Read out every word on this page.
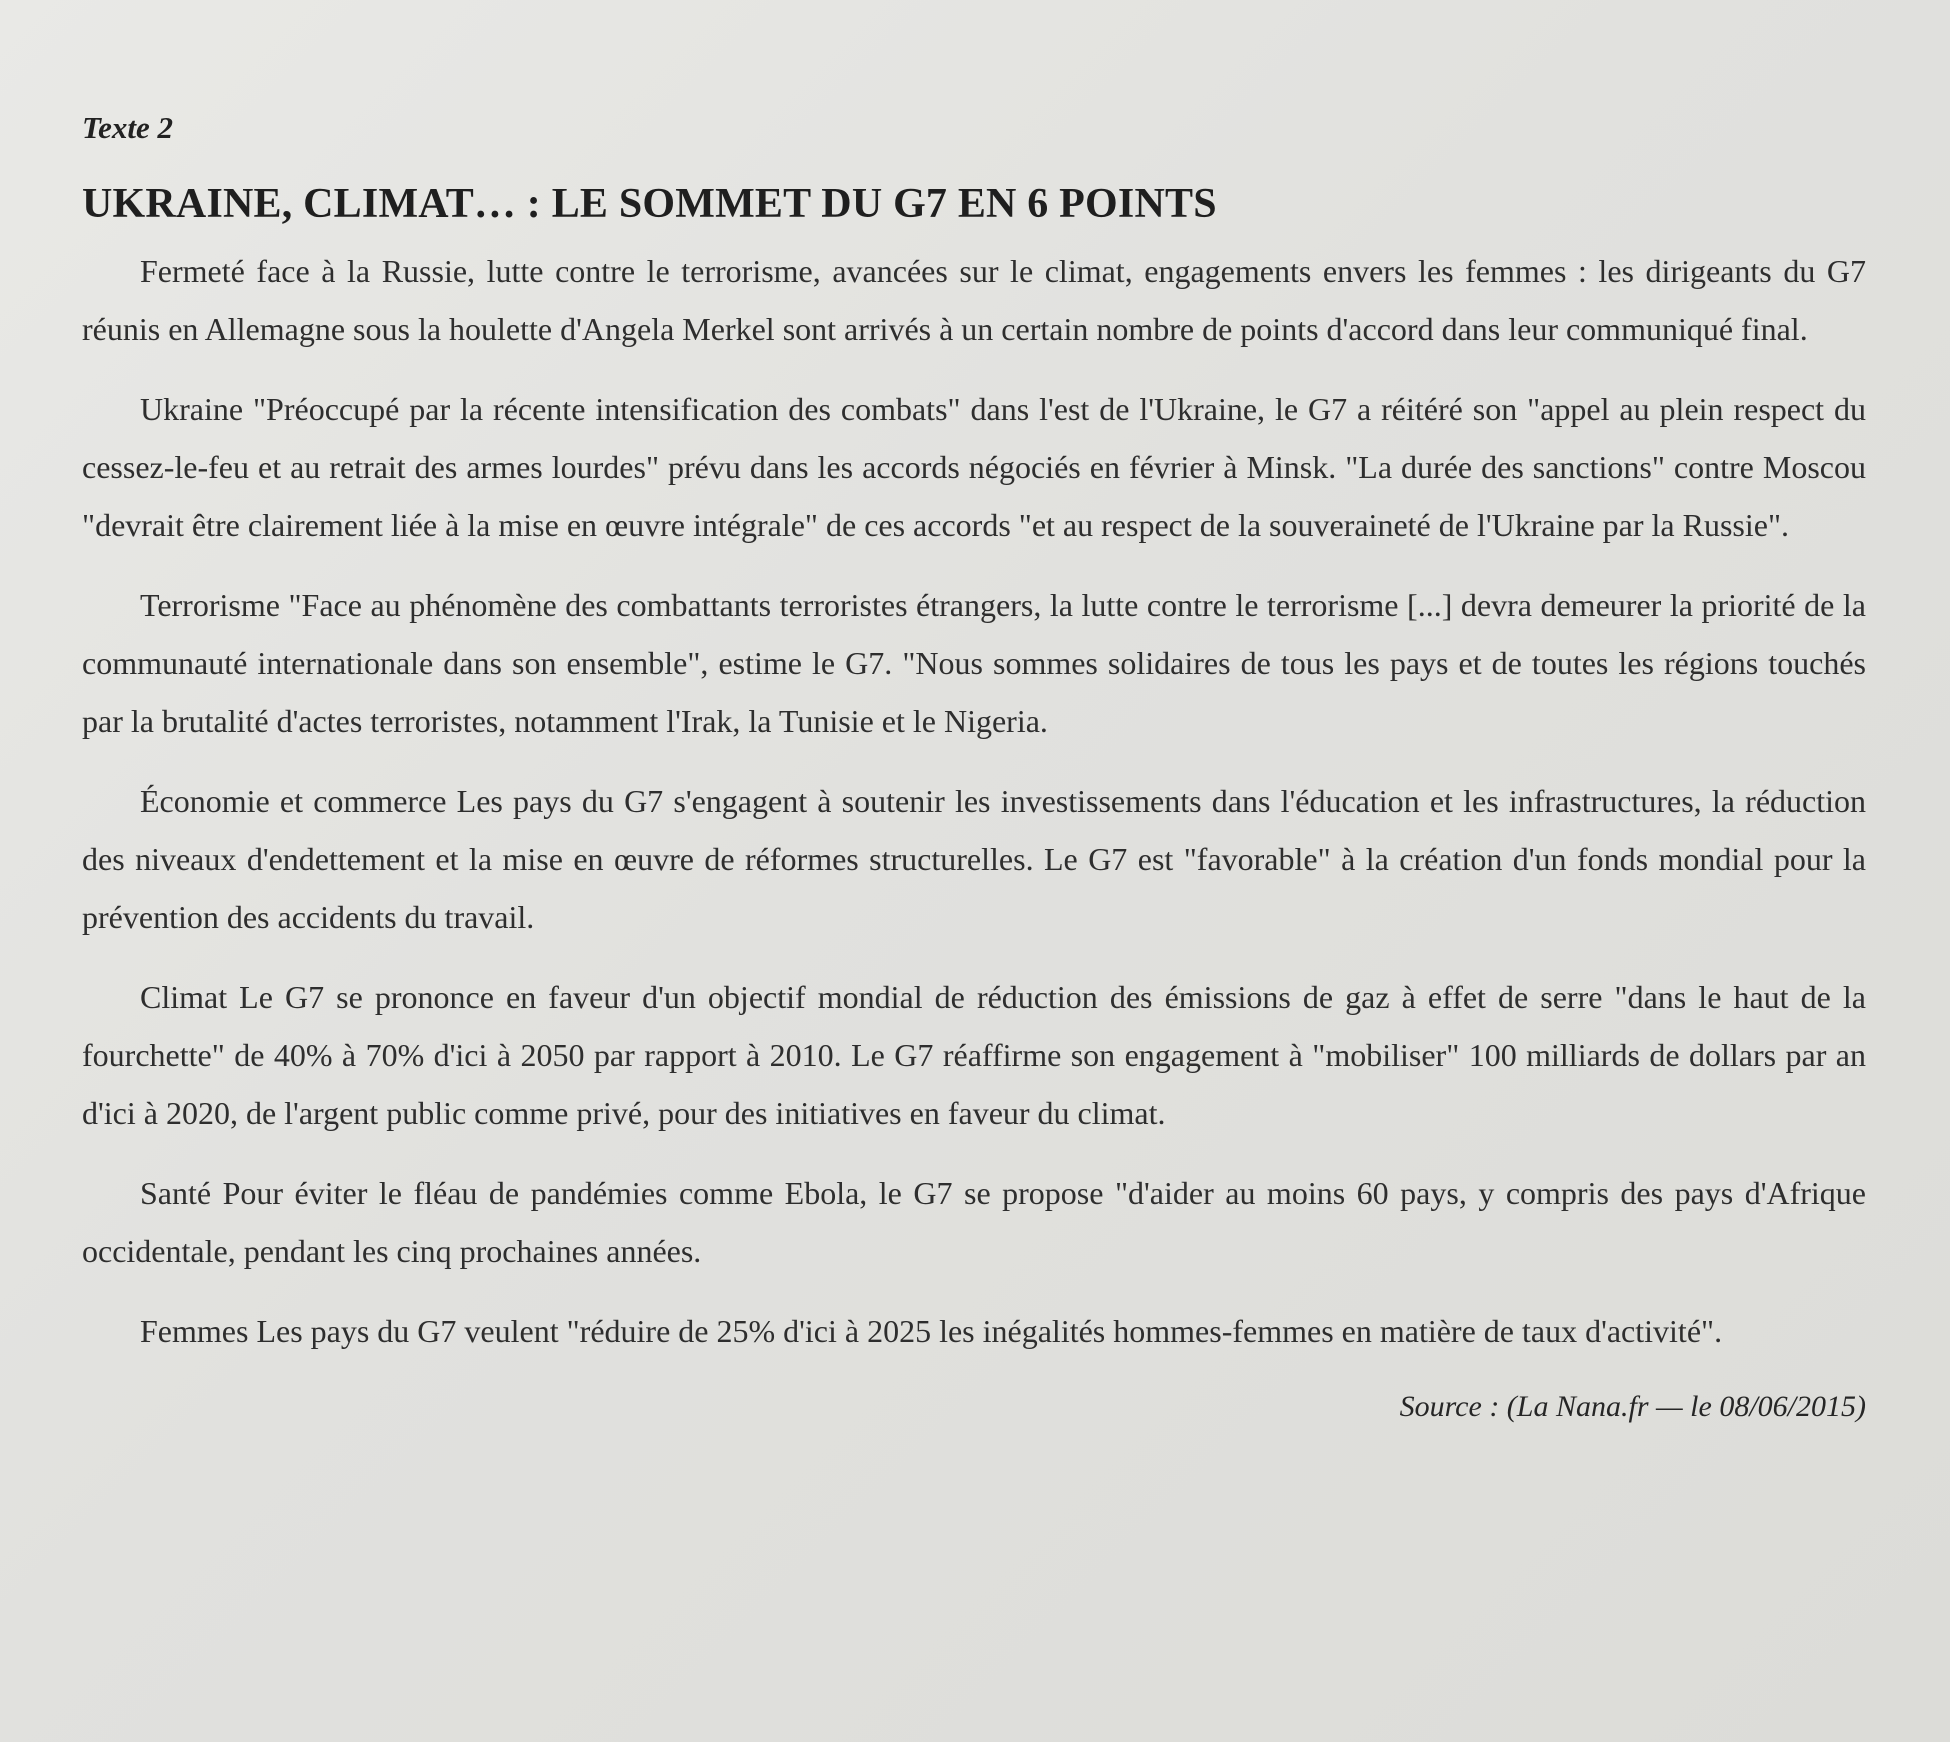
Texte 2
UKRAINE, CLIMAT… : LE SOMMET DU G7 EN 6 POINTS

Fermeté face à la Russie, lutte contre le terrorisme, avancées sur le climat, engagements envers les femmes : les dirigeants du G7 réunis en Allemagne sous la houlette d'Angela Merkel sont arrivés à un certain nombre de points d'accord dans leur communiqué final.

Ukraine "Préoccupé par la récente intensification des combats" dans l'est de l'Ukraine, le G7 a réitéré son "appel au plein respect du cessez-le-feu et au retrait des armes lourdes" prévu dans les accords négociés en février à Minsk. "La durée des sanctions" contre Moscou "devrait être clairement liée à la mise en œuvre intégrale" de ces accords "et au respect de la souveraineté de l'Ukraine par la Russie".

Terrorisme "Face au phénomène des combattants terroristes étrangers, la lutte contre le terrorisme [...] devra demeurer la priorité de la communauté internationale dans son ensemble", estime le G7. "Nous sommes solidaires de tous les pays et de toutes les régions touchés par la brutalité d'actes terroristes, notamment l'Irak, la Tunisie et le Nigeria.

Économie et commerce Les pays du G7 s'engagent à soutenir les investissements dans l'éducation et les infrastructures, la réduction des niveaux d'endettement et la mise en œuvre de réformes structurelles. Le G7 est "favorable" à la création d'un fonds mondial pour la prévention des accidents du travail.

Climat Le G7 se prononce en faveur d'un objectif mondial de réduction des émissions de gaz à effet de serre "dans le haut de la fourchette" de 40% à 70% d'ici à 2050 par rapport à 2010. Le G7 réaffirme son engagement à "mobiliser" 100 milliards de dollars par an d'ici à 2020, de l'argent public comme privé, pour des initiatives en faveur du climat.

Santé Pour éviter le fléau de pandémies comme Ebola, le G7 se propose "d'aider au moins 60 pays, y compris des pays d'Afrique occidentale, pendant les cinq prochaines années.

Femmes Les pays du G7 veulent "réduire de 25% d'ici à 2025 les inégalités hommes-femmes en matière de taux d'activité".

Source : (La Nana.fr — le 08/06/2015)
